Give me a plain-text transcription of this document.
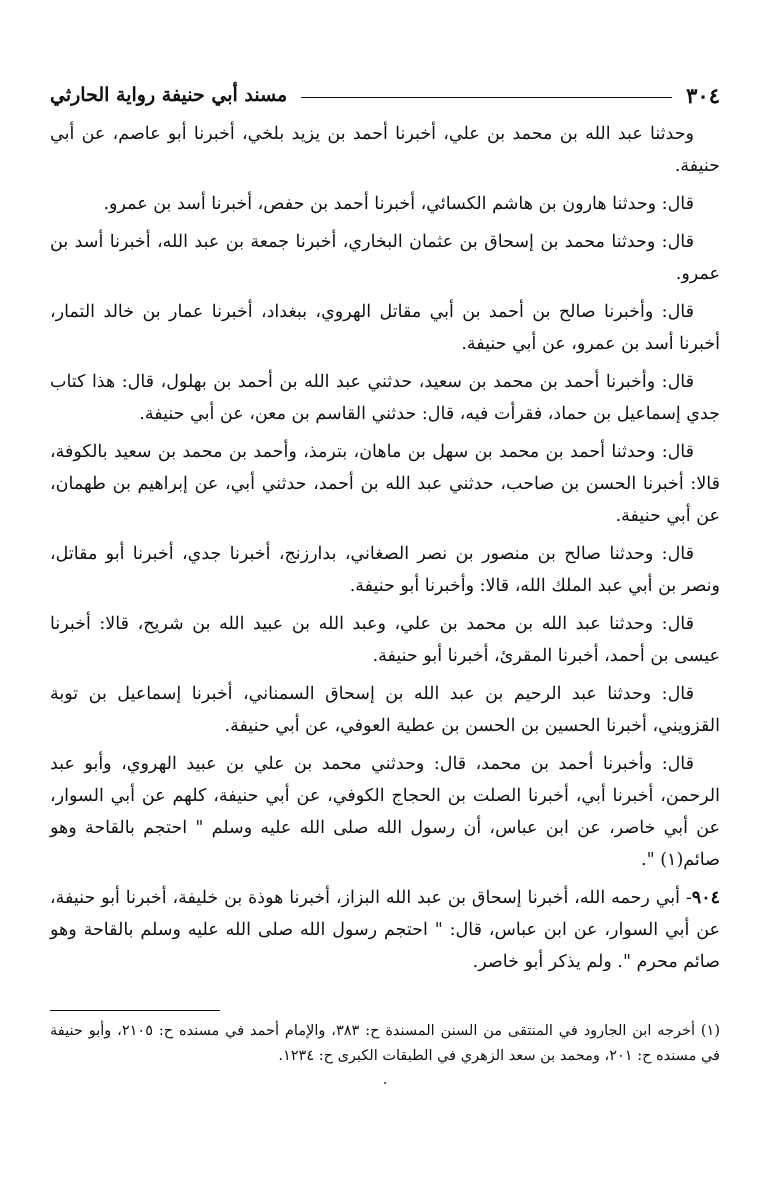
٣٠٤
مسند أبي حنيفة رواية الحارثي

وحدثنا عبد الله بن محمد بن علي، أخبرنا أحمد بن يزيد بلخي، أخبرنا أبو عاصم، عن أبي حنيفة.

قال: وحدثنا هارون بن هاشم الكسائي، أخبرنا أحمد بن حفص، أخبرنا أسد بن عمرو.

قال: وحدثنا محمد بن إسحاق بن عثمان البخاري، أخبرنا جمعة بن عبد الله، أخبرنا أسد بن عمرو.

قال: وأخبرنا صالح بن أحمد بن أبي مقاتل الهروي، ببغداد، أخبرنا عمار بن خالد التمار، أخبرنا أسد بن عمرو، عن أبي حنيفة.

قال: وأخبرنا أحمد بن محمد بن سعيد، حدثني عبد الله بن أحمد بن بهلول، قال: هذا كتاب جدي إسماعيل بن حماد، فقرأت فيه، قال: حدثني القاسم بن معن، عن أبي حنيفة.

قال: وحدثنا أحمد بن محمد بن سهل بن ماهان، بترمذ، وأحمد بن محمد بن سعيد بالكوفة، قالا: أخبرنا الحسن بن صاحب، حدثني عبد الله بن أحمد، حدثني أبي، عن إبراهيم بن طهمان، عن أبي حنيفة.

قال: وحدثنا صالح بن منصور بن نصر الصغاني، بدارزنج، أخبرنا جدي، أخبرنا أبو مقاتل، ونصر بن أبي عبد الملك الله، قالا: وأخبرنا أبو حنيفة.

قال: وحدثنا عبد الله بن محمد بن علي، وعبد الله بن عبيد الله بن شريح، قالا: أخبرنا عيسى بن أحمد، أخبرنا المقرئ، أخبرنا أبو حنيفة.

قال: وحدثنا عبد الرحيم بن عبد الله بن إسحاق السمناني، أخبرنا إسماعيل بن توبة القزويني، أخبرنا الحسين بن الحسن بن عطية العوفي، عن أبي حنيفة.

قال: وأخبرنا أحمد بن محمد، قال: وحدثني محمد بن علي بن عبيد الهروي، وأبو عبد الرحمن، أخبرنا أبي، أخبرنا الصلت بن الحجاج الكوفي، عن أبي حنيفة، كلهم عن أبي السوار، عن أبي خاصر، عن ابن عباس، أن رسول الله صلى الله عليه وسلم " احتجم بالقاحة وهو صائم(١) ".

٩٠٤- أبي رحمه الله، أخبرنا إسحاق بن عبد الله البزاز، أخبرنا هوذة بن خليفة، أخبرنا أبو حنيفة، عن أبي السوار، عن ابن عباس، قال: " احتجم رسول الله صلى الله عليه وسلم بالقاحة وهو صائم محرم ". ولم يذكر أبو خاصر.

(١) أخرجه ابن الجارود في المنتقى من السنن المسندة ح: ٣٨٣، والإمام أحمد في مسنده ح: ٢١٠٥، وأبو حنيفة في مسنده ح: ٢٠١، ومحمد بن سعد الزهري في الطبقات الكبرى ح: ١٢٣٤.
